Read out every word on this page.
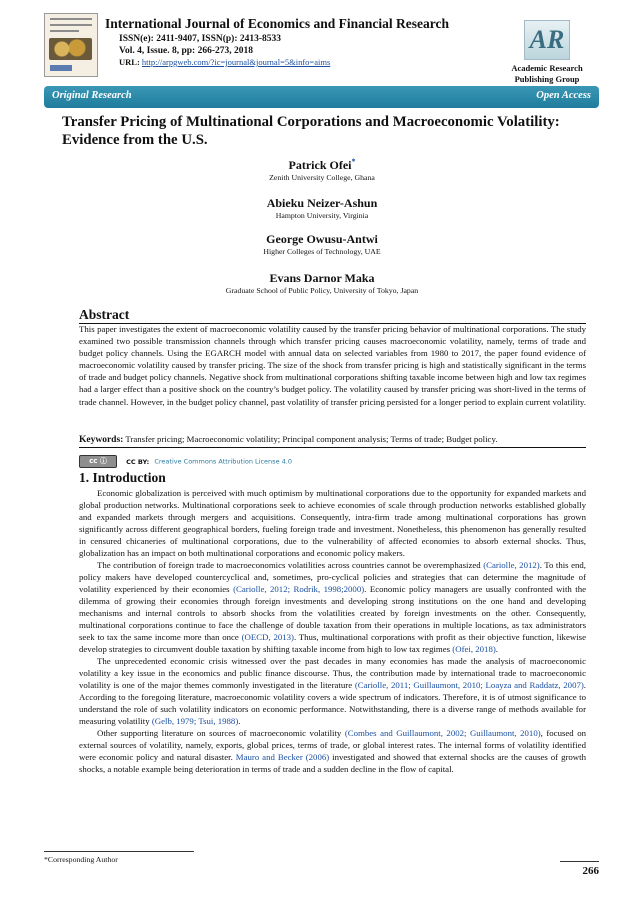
International Journal of Economics and Financial Research
ISSN(e): 2411-9407, ISSN(p): 2413-8533
Vol. 4, Issue. 8, pp: 266-273, 2018
URL: http://arpgweb.com/?ic=journal&journal=5&info=aims
AR
Academic Research Publishing Group
Original Research	Open Access
Transfer Pricing of Multinational Corporations and Macroeconomic Volatility: Evidence from the U.S.
Patrick Ofei*
Zenith University College, Ghana
Abieku Neizer-Ashun
Hampton University, Virginia
George Owusu-Antwi
Higher Colleges of Technology, UAE
Evans Darnor Maka
Graduate School of Public Policy, University of Tokyo, Japan
Abstract

This paper investigates the extent of macroeconomic volatility caused by the transfer pricing behavior of multinational corporations. The study examined two possible transmission channels through which transfer pricing causes macroeconomic volatility, namely, terms of trade and budget policy channels. Using the EGARCH model with annual data on selected variables from 1980 to 2017, the paper found evidence of macroeconomic volatility caused by transfer pricing. The size of the shock from transfer pricing is high and statistically significant in the terms of trade and budget policy channels. Negative shock from multinational corporations shifting taxable income between high and low tax regimes had a larger effect than a positive shock on the country’s budget policy. The volatility caused by transfer pricing was short-lived in the terms of trade channel. However, in the budget policy channel, past volatility of transfer pricing persisted for a longer period to explain current volatility.

Keywords: Transfer pricing; Macroeconomic volatility; Principal component analysis; Terms of trade; Budget policy.
cc ⓘ	CC BY: Creative Commons Attribution License 4.0
1. Introduction

Economic globalization is perceived with much optimism by multinational corporations due to the opportunity for expanded markets and global production networks. Multinational corporations seek to achieve economies of scale through production networks established globally and expanded markets through mergers and acquisitions. Consequently, intra-firm trade among multinational corporations has grown significantly across different geographical borders, fueling foreign trade and investment. Nonetheless, this phenomenon has generally resulted in censured chicaneries of multinational corporations, due to the vulnerability of affected economies to absorb external shocks. Thus, globalization has an impact on both multinational corporations and economic policy makers.

The contribution of foreign trade to macroeconomics volatilities across countries cannot be overemphasized (Cariolle, 2012). To this end, policy makers have developed countercyclical and, sometimes, pro-cyclical policies and strategies that can determine the magnitude of volatility experienced by their economies (Cariolle, 2012; Rodrik, 1998;2000). Economic policy managers are usually confronted with the dilemma of growing their economies through foreign investments and developing strong institutions on the one hand and developing mechanisms and internal controls to absorb shocks from the volatilities created by foreign investments on the other. Consequently, multinational corporations continue to face the challenge of double taxation from their operations in multiple locations, as tax administrators seek to tax the same income more than once (OECD, 2013). Thus, multinational corporations with profit as their objective function, likewise develop strategies to circumvent double taxation by shifting taxable income from high to low tax regimes (Ofei, 2018).

The unprecedented economic crisis witnessed over the past decades in many economies has made the analysis of macroeconomic volatility a key issue in the economics and public finance discourse. Thus, the contribution made by international trade to macroeconomic volatility is one of the major themes commonly investigated in the literature (Cariolle, 2011; Guillaumont, 2010; Loayza and Raddatz, 2007). According to the foregoing literature, macroeconomic volatility covers a wide spectrum of indicators. Therefore, it is of utmost significance to understand the role of such volatility indicators on economic performance. Notwithstanding, there is a diverse range of methods available for measuring volatility (Gelb, 1979; Tsui, 1988).

Other supporting literature on sources of macroeconomic volatility (Combes and Guillaumont, 2002; Guillaumont, 2010), focused on external sources of volatility, namely, exports, global prices, terms of trade, or global interest rates. The internal forms of volatility identified were economic policy and natural disaster. Mauro and Becker (2006) investigated and showed that external shocks are the causes of growth shocks, a notable example being deterioration in terms of trade and a sudden decline in the flow of capital.

*Corresponding Author
266
